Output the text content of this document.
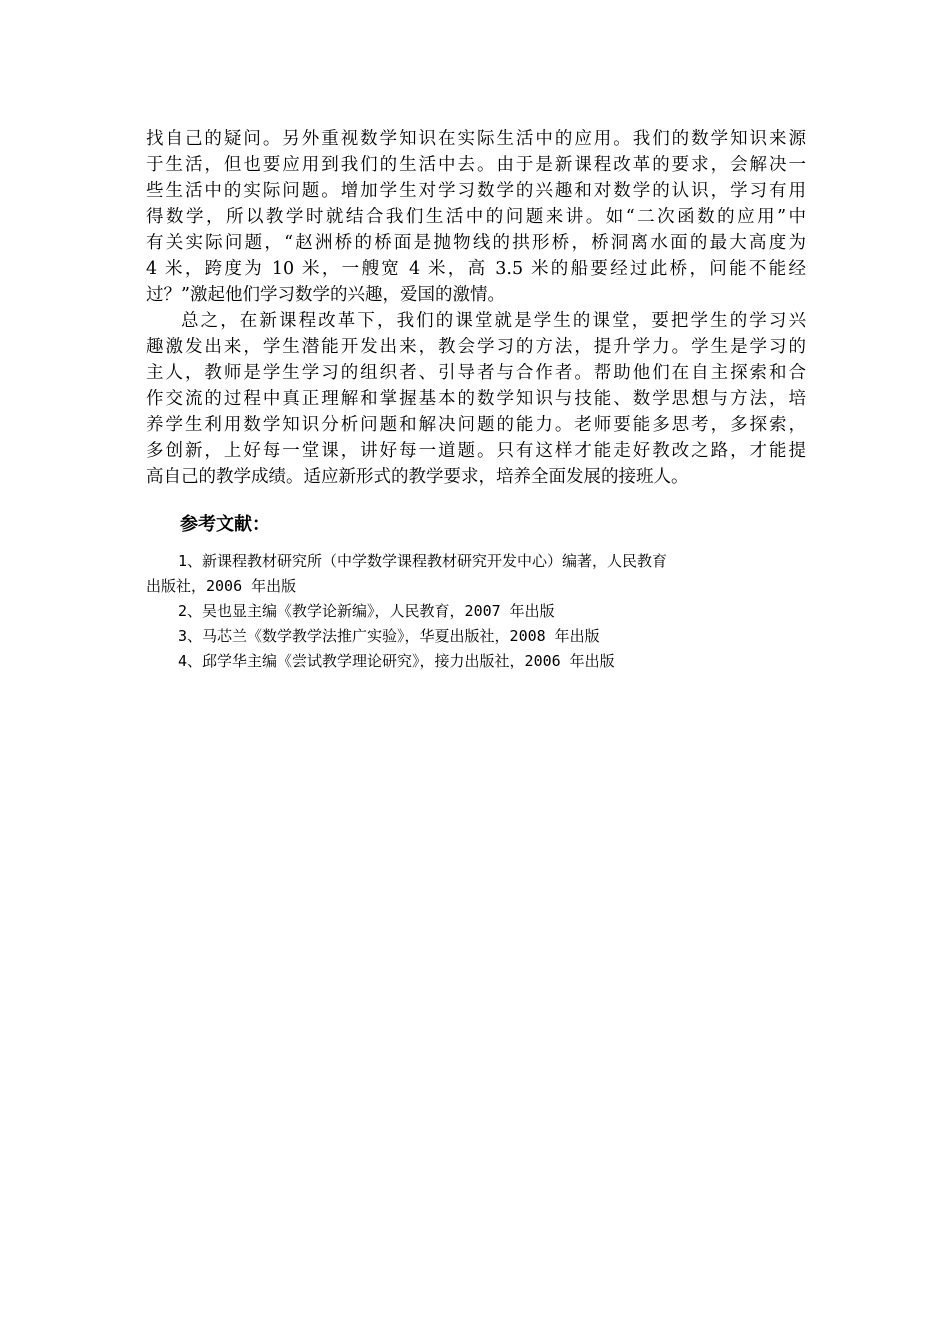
找自己的疑问。另外重视数学知识在实际生活中的应用。我们的数学知识来源
于生活，但也要应用到我们的生活中去。由于是新课程改革的要求，会解决一
些生活中的实际问题。增加学生对学习数学的兴趣和对数学的认识，学习有用
得数学，所以教学时就结合我们生活中的问题来讲。如“二次函数的应用”中
有关实际问题，“赵洲桥的桥面是抛物线的拱形桥，桥洞离水面的最大高度为
4 米，跨度为 10 米，一艘宽 4 米，高 3.5 米的船要经过此桥，问能不能经
过？”激起他们学习数学的兴趣，爱国的激情。
总之，在新课程改革下，我们的课堂就是学生的课堂，要把学生的学习兴
趣激发出来，学生潜能开发出来，教会学习的方法，提升学力。学生是学习的
主人，教师是学生学习的组织者、引导者与合作者。帮助他们在自主探索和合
作交流的过程中真正理解和掌握基本的数学知识与技能、数学思想与方法，培
养学生利用数学知识分析问题和解决问题的能力。老师要能多思考，多探索，
多创新，上好每一堂课，讲好每一道题。只有这样才能走好教改之路，才能提
高自己的教学成绩。适应新形式的教学要求，培养全面发展的接班人。
参考文献：
1、新课程教材研究所（中学数学课程教材研究开发中心）编著，人民教育
出版社，2006 年出版
2、吴也显主编《教学论新编》，人民教育，2007 年出版
3、马芯兰《数学教学法推广实验》，华夏出版社，2008 年出版
4、邱学华主编《尝试教学理论研究》，接力出版社，2006 年出版
